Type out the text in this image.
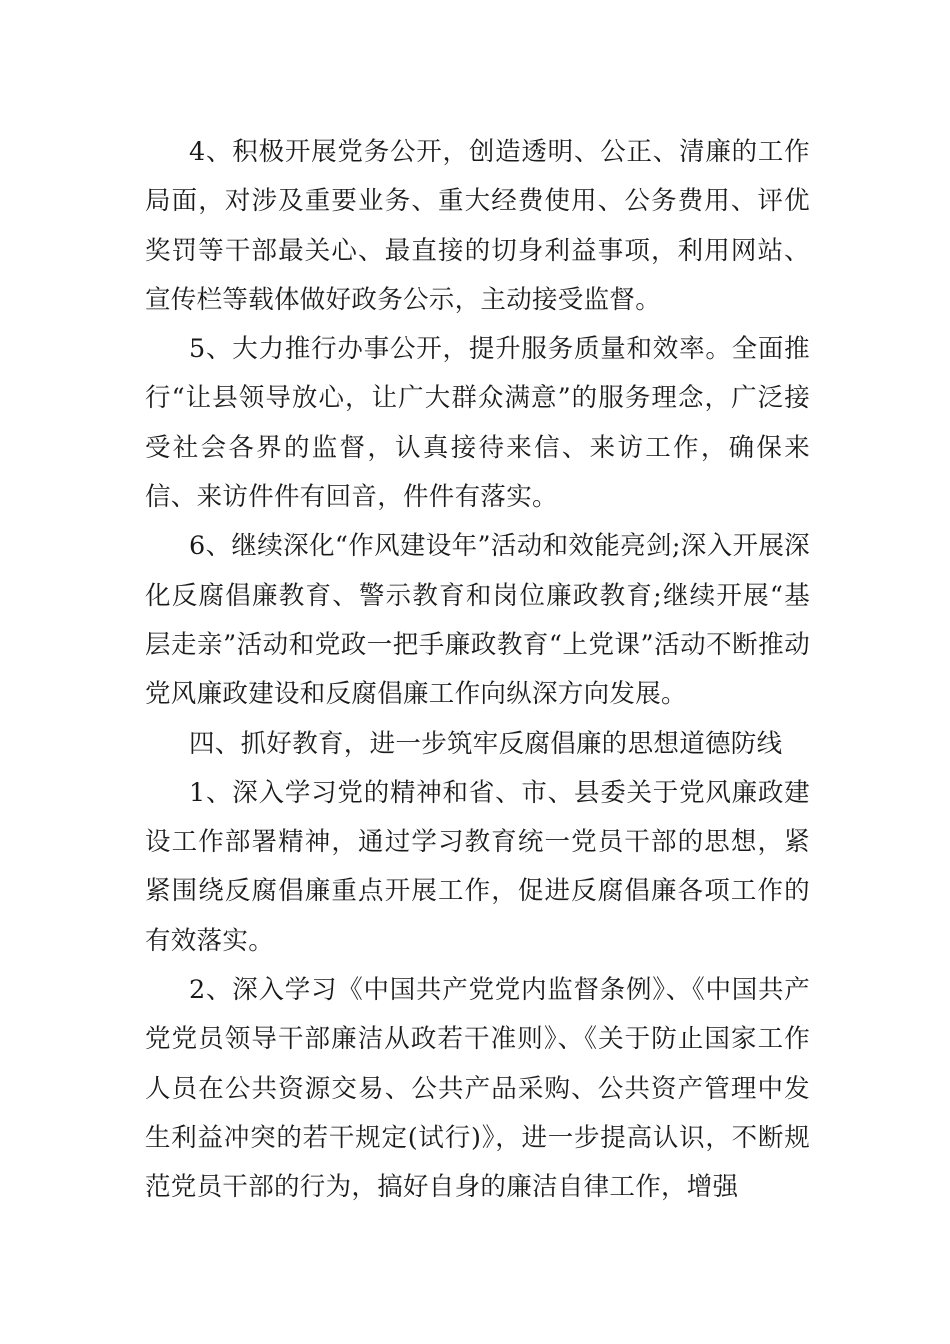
4、积极开展党务公开，创造透明、公正、清廉的工作局面，对涉及重要业务、重大经费使用、公务费用、评优奖罚等干部最关心、最直接的切身利益事项，利用网站、宣传栏等载体做好政务公示，主动接受监督。

5、大力推行办事公开，提升服务质量和效率。全面推行“让县领导放心，让广大群众满意”的服务理念，广泛接受社会各界的监督，认真接待来信、来访工作，确保来信、来访件件有回音，件件有落实。

6、继续深化“作风建设年”活动和效能亮剑;深入开展深化反腐倡廉教育、警示教育和岗位廉政教育;继续开展“基层走亲”活动和党政一把手廉政教育“上党课”活动不断推动党风廉政建设和反腐倡廉工作向纵深方向发展。

四、抓好教育，进一步筑牢反腐倡廉的思想道德防线

1、深入学习党的精神和省、市、县委关于党风廉政建设工作部署精神，通过学习教育统一党员干部的思想，紧紧围绕反腐倡廉重点开展工作，促进反腐倡廉各项工作的有效落实。

2、深入学习《中国共产党党内监督条例》、《中国共产党党员领导干部廉洁从政若干准则》、《关于防止国家工作人员在公共资源交易、公共产品采购、公共资产管理中发生利益冲突的若干规定(试行)》，进一步提高认识，不断规范党员干部的行为，搞好自身的廉洁自律工作，增强
